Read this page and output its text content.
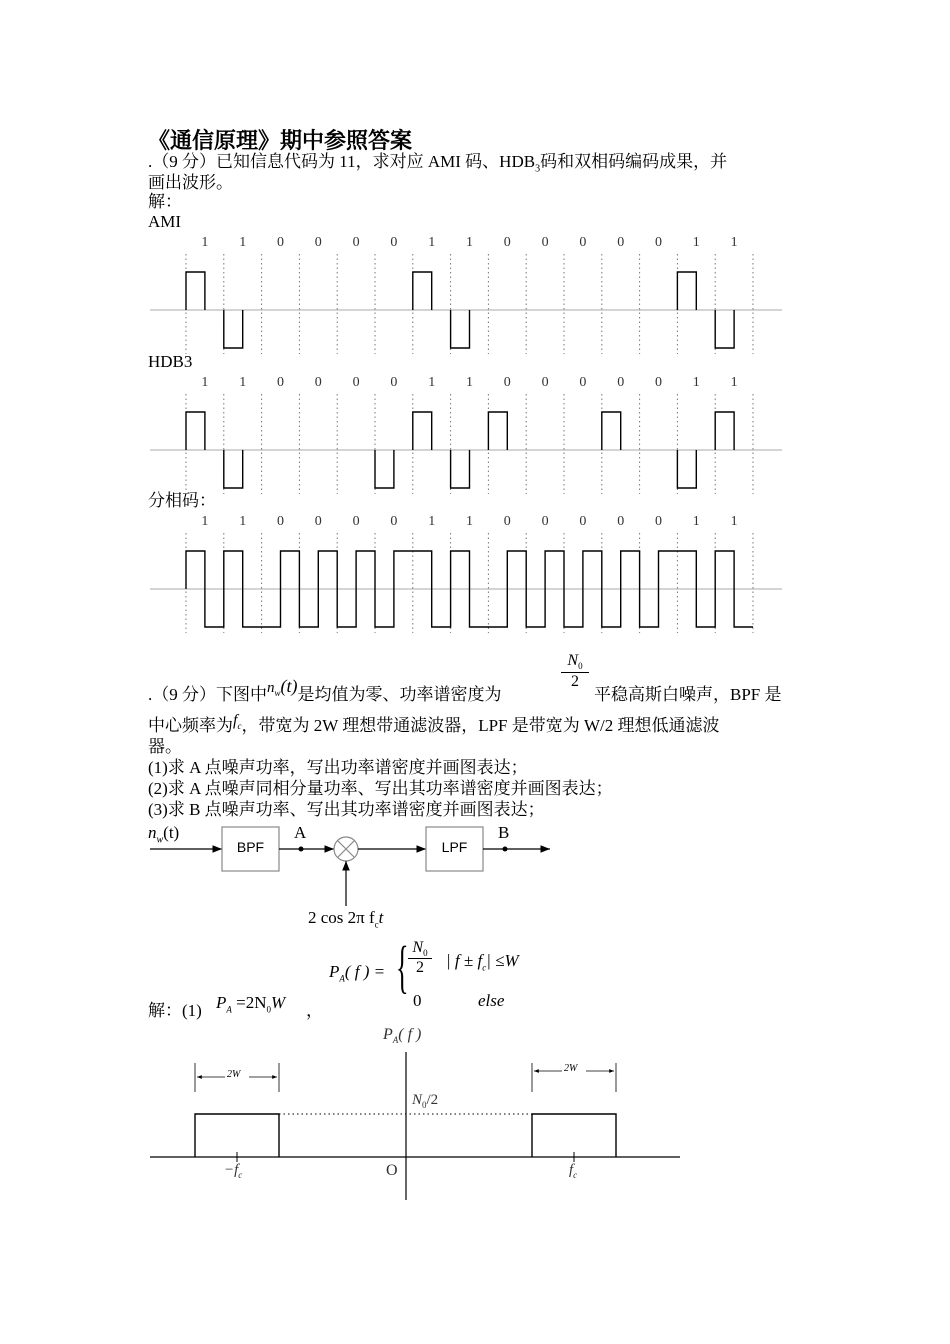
《通信原理》期中参照答案
.（9 分）已知信息代码为 11，求对应 AMI 码、$HDB_3$码和双相码编码成果，并
画出波形。
解：
AMI
HDB3
分相码：
1 1 0 0 0 0 1 1 0 0 0 0 0 1 1
1 1 0 0 0 0 1 1 0 0 0 0 0 1 1
1 1 0 0 0 0 1 1 0 0 0 0 0 1 1
.（9 分）下图中$n_w(t)$是均值为零、功率谱密度为
$N_0$
2
平稳高斯白噪声，BPF 是
中心频率为$f_c$，带宽为 2W 理想带通滤波器，LPF 是带宽为 W/2 理想低通滤波
器。
(1)求 A 点噪声功率，写出功率谱密度并画图表达；
(2)求 A 点噪声同相分量功率、写出其功率谱密度并画图表达；
(3)求 B 点噪声功率、写出其功率谱密度并画图表达；
$n_w(t)$
BPF
A
LPF
B
2 cos 2π $f_ct$
$P_A$( f ) = { $N_0$
2	| $f \pm f_c| \le W$
0	else
解：(1) $P_A =2N_0W$ ，
$P_A$( f )
$N_0/2$
2W
2W
$-f_c$	O	$f_c$
